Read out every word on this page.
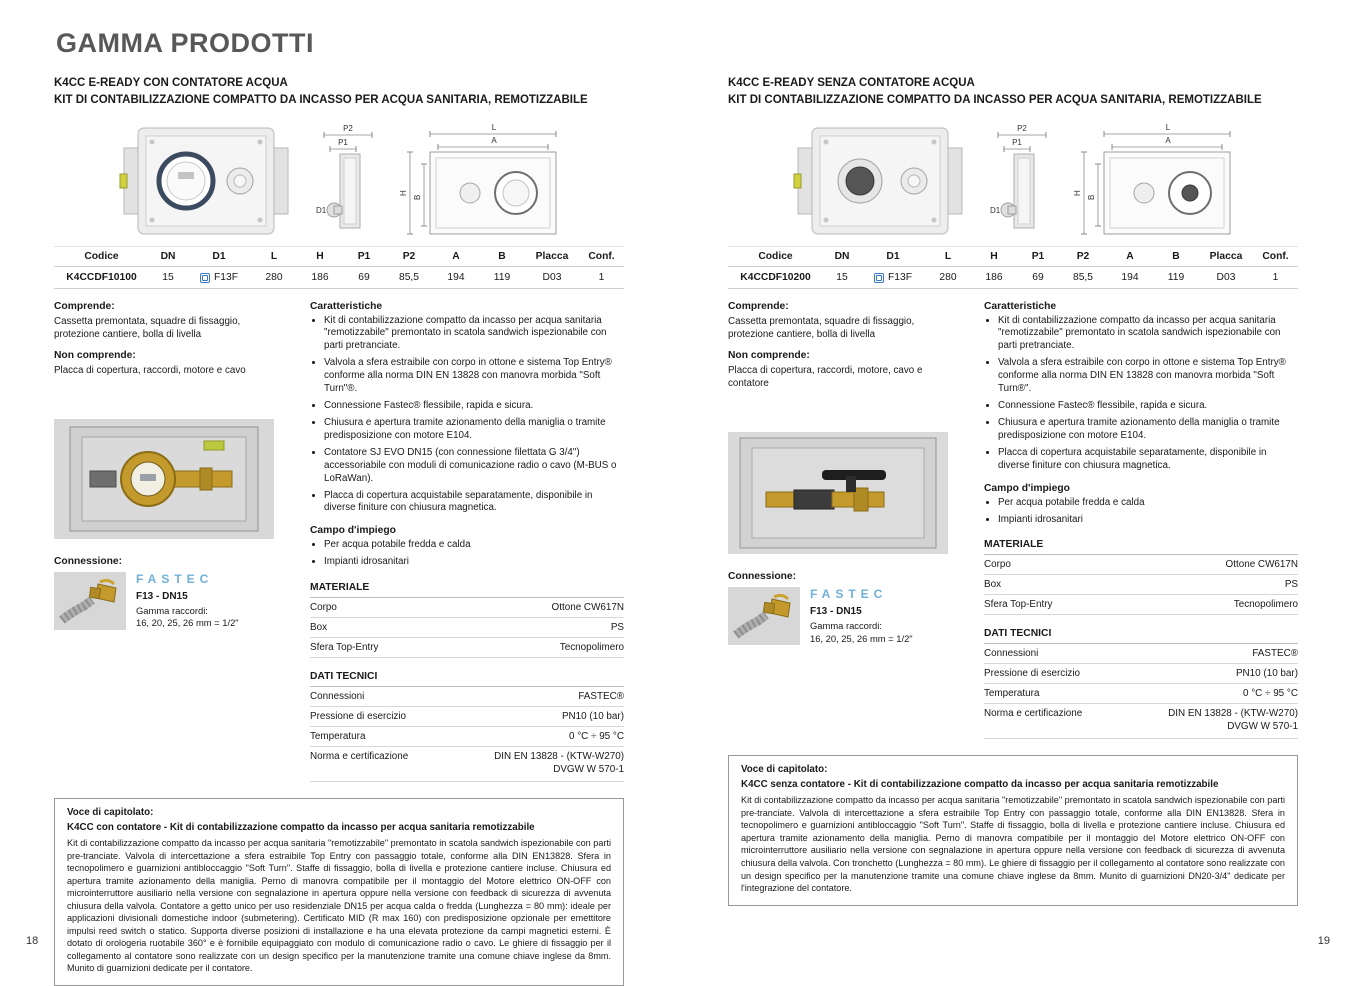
GAMMA PRODOTTI
K4CC E-READY CON CONTATORE ACQUA
KIT DI CONTABILIZZAZIONE COMPATTO DA INCASSO PER ACQUA SANITARIA, REMOTIZZABILE
P2
P1
D1
L
A
H
B
Codice	DN	D1	L	H	P1	P2	A	B	Placca	Conf.
K4CCDF10100	15	F13F	280	186	69	85,5	194	119	D03	1
Comprende:
Cassetta premontata, squadre di fissaggio, protezione cantiere, bolla di livella
Non comprende:
Placca di copertura, raccordi, motore e cavo
Connessione:
FASTEC
F13 - DN15
Gamma raccordi:
16, 20, 25, 26 mm = 1/2"
Caratteristiche
• Kit di contabilizzazione compatto da incasso per acqua sanitaria "remotizzabile" premontato in scatola sandwich ispezionabile con parti pretranciate.
• Valvola a sfera estraibile con corpo in ottone e sistema Top Entry® conforme alla norma DIN EN 13828 con manovra morbida "Soft Turn"®.
• Connessione Fastec® flessibile, rapida e sicura.
• Chiusura e apertura tramite azionamento della maniglia o tramite predisposizione con motore E104.
• Contatore SJ EVO DN15 (con connessione filettata G 3/4") accessoriabile con moduli di comunicazione radio o cavo (M-BUS o LoRaWan).
• Placca di copertura acquistabile separatamente, disponibile in diverse finiture con chiusura magnetica.
Campo d'impiego
• Per acqua potabile fredda e calda
• Impianti idrosanitari
MATERIALE
Corpo	Ottone CW617N
Box	PS
Sfera Top-Entry	Tecnopolimero
DATI TECNICI
Connessioni	FASTEC®
Pressione di esercizio	PN10 (10 bar)
Temperatura	0 °C ÷ 95 °C
Norma e certificazione	DIN EN 13828 - (KTW-W270)
DVGW W 570-1
Voce di capitolato:
K4CC con contatore - Kit di contabilizzazione compatto da incasso per acqua sanitaria remotizzabile

Kit di contabilizzazione compatto da incasso per acqua sanitaria "remotizzabile" premontato in scatola sandwich ispezionabile con parti pre-tranciate. Valvola di intercettazione a sfera estraibile Top Entry con passaggio totale, conforme alla DIN EN13828. Sfera in tecnopolimero e guarnizioni antibloccaggio "Soft Turn". Staffe di fissaggio, bolla di livella e protezione cantiere incluse. Chiusura ed apertura tramite azionamento della maniglia. Perno di manovra compatibile per il montaggio del Motore elettrico ON-OFF con microinterruttore ausiliario nella versione con segnalazione in apertura oppure nella versione con feedback di sicurezza di avvenuta chiusura della valvola. Contatore a getto unico per uso residenziale DN15 per acqua calda o fredda (Lunghezza = 80 mm): ideale per applicazioni divisionali domestiche indoor (submetering). Certificato MID (R max 160) con predisposizione opzionale per emettitore impulsi reed switch o statico. Supporta diverse posizioni di installazione e ha una elevata protezione da campi magnetici esterni. È dotato di orologeria ruotabile 360° e è fornibile equipaggiato con modulo di comunicazione radio o cavo. Le ghiere di fissaggio per il collegamento al contatore sono realizzate con un design specifico per la manutenzione tramite una comune chiave inglese da 8mm. Munito di guarnizioni dedicate per il contatore.

K4CC E-READY SENZA CONTATORE ACQUA
KIT DI CONTABILIZZAZIONE COMPATTO DA INCASSO PER ACQUA SANITARIA, REMOTIZZABILE
P2
P1
D1
L
A
H
B
Codice	DN	D1	L	H	P1	P2	A	B	Placca	Conf.
K4CCDF10200	15	F13F	280	186	69	85,5	194	119	D03	1
Comprende:
Cassetta premontata, squadre di fissaggio, protezione cantiere, bolla di livella
Non comprende:
Placca di copertura, raccordi, motore, cavo e contatore
Connessione:
FASTEC
F13 - DN15
Gamma raccordi:
16, 20, 25, 26 mm = 1/2"
Caratteristiche
• Kit di contabilizzazione compatto da incasso per acqua sanitaria "remotizzabile" premontato in scatola sandwich ispezionabile con parti pretranciate.
• Valvola a sfera estraibile con corpo in ottone e sistema Top Entry® conforme alla norma DIN EN 13828 con manovra morbida "Soft Turn®".
• Connessione Fastec® flessibile, rapida e sicura.
• Chiusura e apertura tramite azionamento della maniglia o tramite predisposizione con motore E104.
• Placca di copertura acquistabile separatamente, disponibile in diverse finiture con chiusura magnetica.
Campo d'impiego
• Per acqua potabile fredda e calda
• Impianti idrosanitari
MATERIALE
Corpo	Ottone CW617N
Box	PS
Sfera Top-Entry	Tecnopolimero
DATI TECNICI
Connessioni	FASTEC®
Pressione di esercizio	PN10 (10 bar)
Temperatura	0 °C ÷ 95 °C
Norma e certificazione	DIN EN 13828 - (KTW-W270)
DVGW W 570-1
Voce di capitolato:
K4CC senza contatore - Kit di contabilizzazione compatto da incasso per acqua sanitaria remotizzabile

Kit di contabilizzazione compatto da incasso per acqua sanitaria "remotizzabile" premontato in scatola sandwich ispezionabile con parti pre-tranciate. Valvola di intercettazione a sfera estraibile Top Entry con passaggio totale, conforme alla DIN EN13828. Sfera in tecnopolimero e guarnizioni antibloccaggio "Soft Turn". Staffe di fissaggio, bolla di livella e protezione cantiere incluse. Chiusura ed apertura tramite azionamento della maniglia. Perno di manovra compatibile per il montaggio del Motore elettrico ON-OFF con microinterruttore ausiliario nella versione con segnalazione in apertura oppure nella versione con feedback di sicurezza di avvenuta chiusura della valvola. Con tronchetto (Lunghezza = 80 mm). Le ghiere di fissaggio per il collegamento al contatore sono realizzate con un design specifico per la manutenzione tramite una comune chiave inglese da 8mm. Munito di guarnizioni DN20-3/4" dedicate per l'integrazione del contatore.

18	19
